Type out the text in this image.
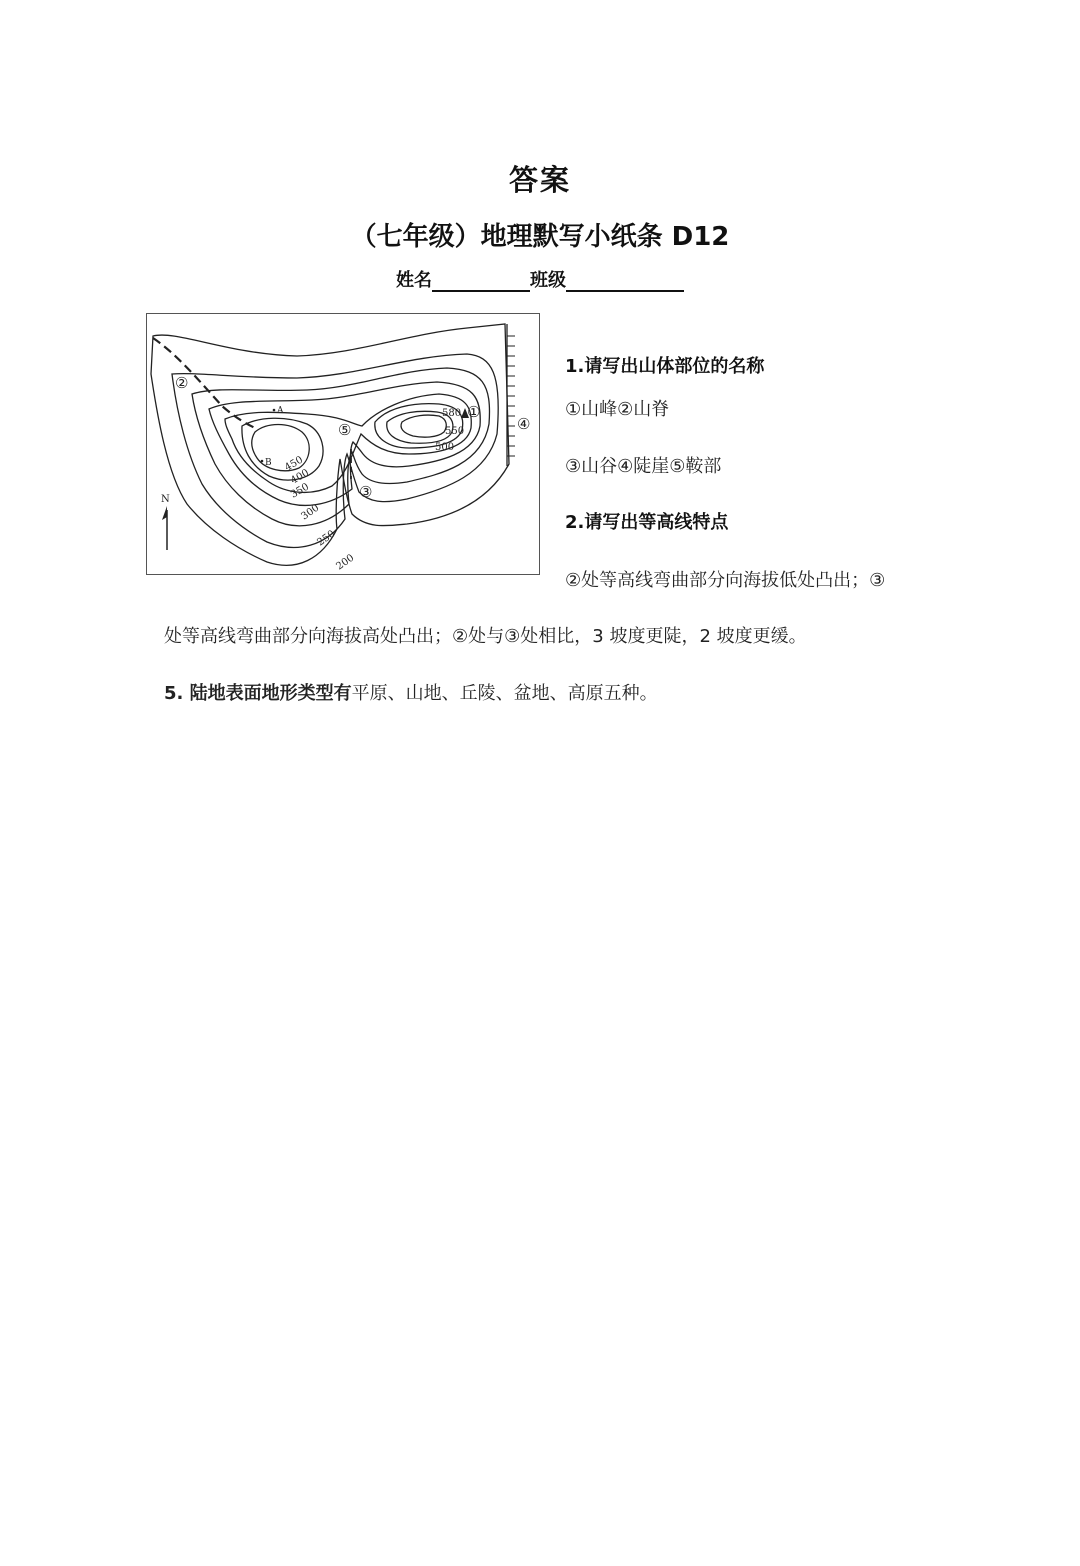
答案
（七年级）地理默写小纸条 D12
姓名	班级
N
②
⑤
③
④
①
580
A
B
200
250
300
350
400
450
500
550
1.请写出山体部位的名称
①山峰②山脊
③山谷④陡崖⑤鞍部
2.请写出等高线特点
②处等高线弯曲部分向海拔低处凸出；③
处等高线弯曲部分向海拔高处凸出；②处与③处相比，3 坡度更陡，2 坡度更缓。
5. 陆地表面地形类型有平原、山地、丘陵、盆地、高原五种。
